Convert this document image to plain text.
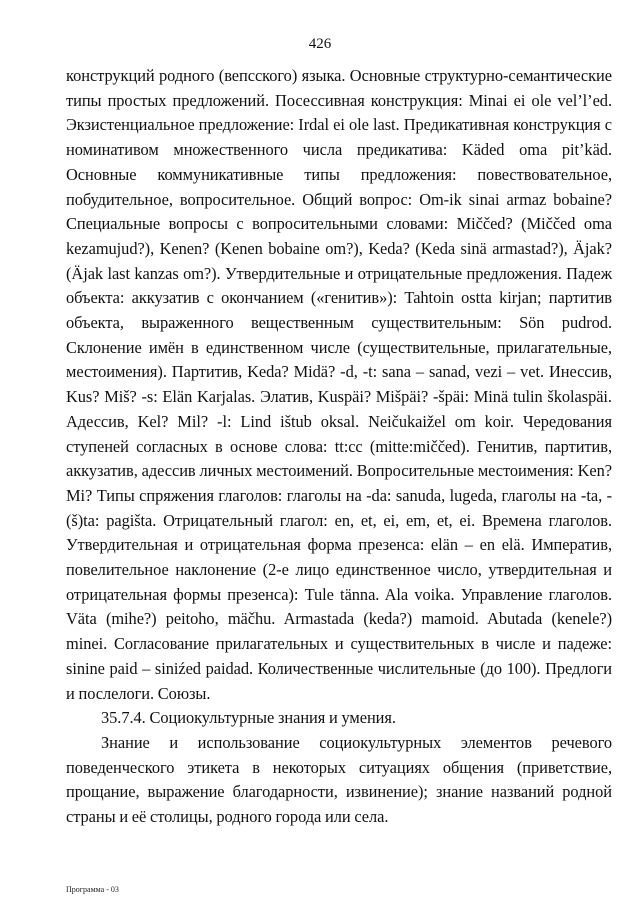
426

конструкций родного (вепсского) языка. Основные структурно-семантические типы простых предложений. Посессивная конструкция: Minai ei ole vel’l’ed. Экзистенциальное предложение: Irdal ei ole last. Предикативная конструкция с номинативом множественного числа предикатива: Käded oma pit’käd. Основные коммуникативные типы предложения: повествовательное, побудительное, вопросительное. Общий вопрос: Om-ik sinai armaz bobaine? Специальные вопросы с вопросительными словами: Miččed? (Miččed oma kezamujud?), Kenen? (Kenen bobaine om?), Keda? (Keda sinä armastad?), Äjak? (Äjak last kanzas om?). Утвердительные и отрицательные предложения. Падеж объекта: аккузатив с окончанием («генитив»): Tahtoin ostta kirjan; партитив объекта, выраженного вещественным существительным: Sön pudrod. Склонение имён в единственном числе (существительные, прилагательные, местоимения). Партитив, Keda? Midä? -d, -t: sana – sanad, vezi – vet. Инессив, Kus? Miš? -s: Elän Karjalas. Элатив, Kuspäi? Mišpäi? -špäi: Minä tulin školaspäi. Адессив, Kel? Mil? -l: Lind ištub oksal. Neičukaižel om koir. Чередования ступеней согласных в основе слова: tt:cc (mitte:miččed). Генитив, партитив, аккузатив, адессив личных местоимений. Вопросительные местоимения: Ken? Mi? Типы спряжения глаголов: глаголы на -da: sanuda, lugeda, глаголы на -ta, -(š)ta: pagišta. Отрицательный глагол: en, et, ei, em, et, ei. Времена глаголов. Утвердительная и отрицательная форма презенса: elän – en elä. Императив, повелительное наклонение (2-е лицо единственное число, утвердительная и отрицательная формы презенса): Tule tänna. Ala voika. Управление глаголов. Väta (mihe?) peitoho, mäčhu. Armastada (keda?) mamoid. Abutada (kenele?) minei. Согласование прилагательных и существительных в числе и падеже: sinine paid – siniźed paidad. Количественные числительные (до 100). Предлоги и послелоги. Союзы.

35.7.4. Социокультурные знания и умения.

Знание и использование социокультурных элементов речевого поведенческого этикета в некоторых ситуациях общения (приветствие, прощание, выражение благодарности, извинение); знание названий родной страны и её столицы, родного города или села.

Программа - 03
